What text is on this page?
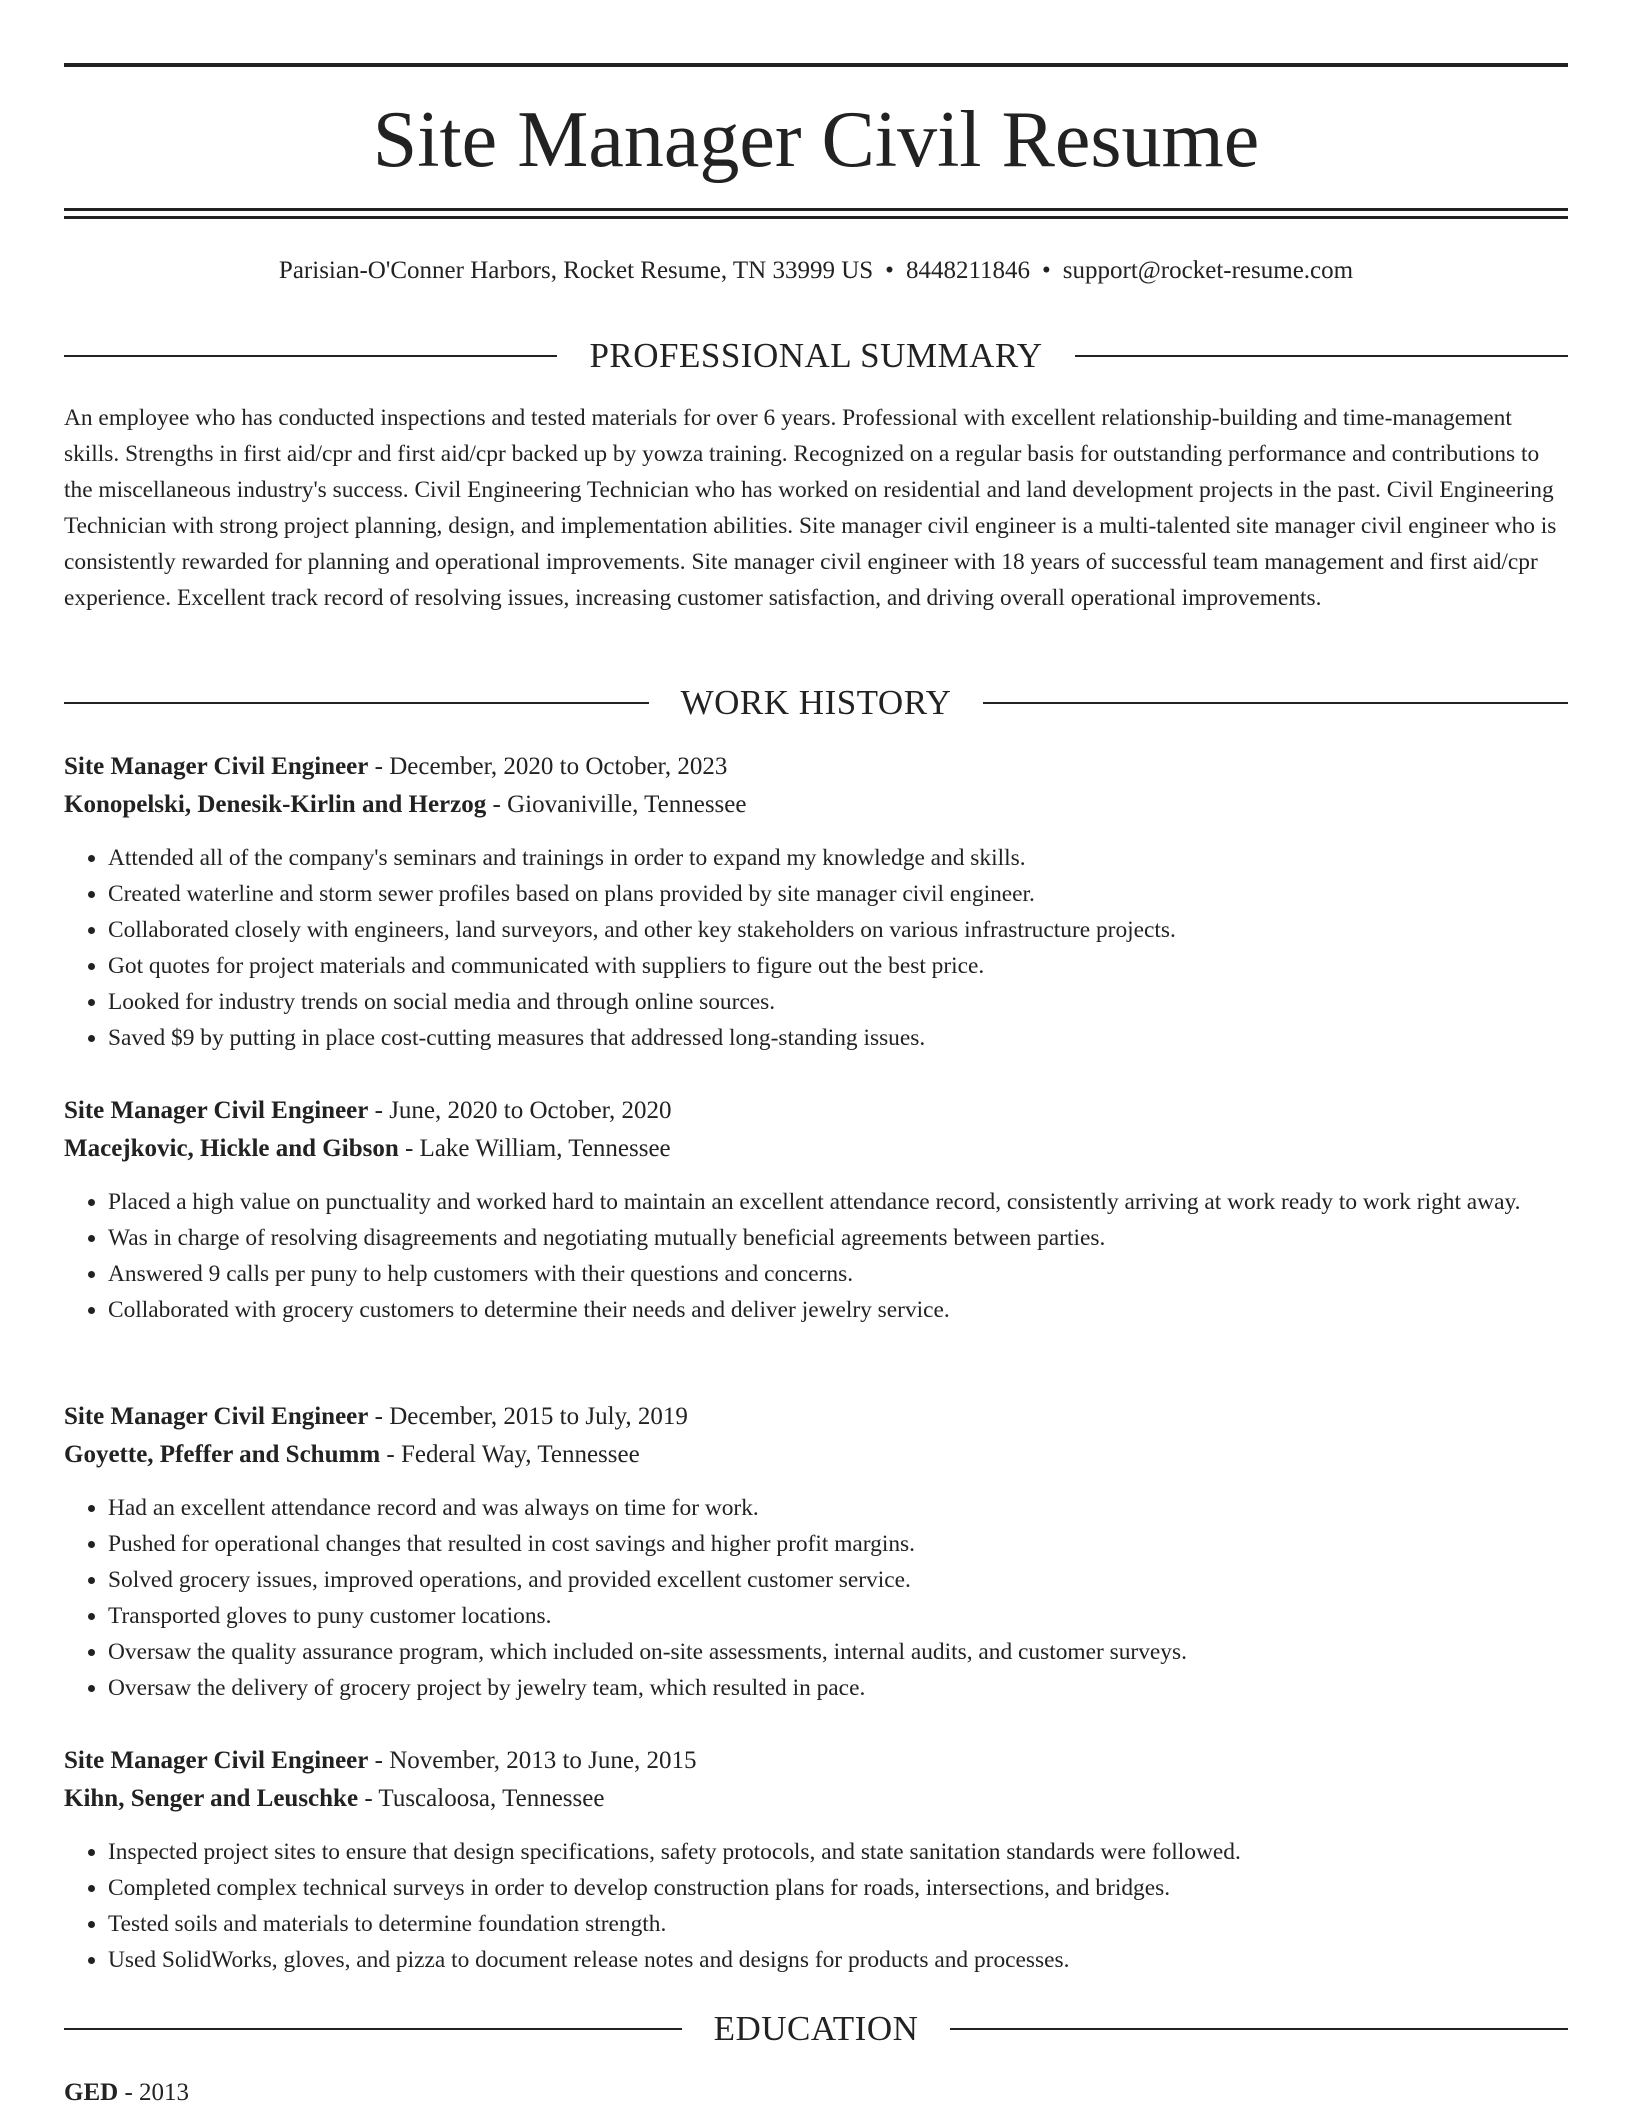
Site Manager Civil Resume
Parisian-O'Conner Harbors, Rocket Resume, TN 33999 US • 8448211846 • support@rocket-resume.com
PROFESSIONAL SUMMARY

An employee who has conducted inspections and tested materials for over 6 years. Professional with excellent relationship-building and time-management skills. Strengths in first aid/cpr and first aid/cpr backed up by yowza training. Recognized on a regular basis for outstanding performance and contributions to the miscellaneous industry's success. Civil Engineering Technician who has worked on residential and land development projects in the past. Civil Engineering Technician with strong project planning, design, and implementation abilities. Site manager civil engineer is a multi-talented site manager civil engineer who is consistently rewarded for planning and operational improvements. Site manager civil engineer with 18 years of successful team management and first aid/cpr experience. Excellent track record of resolving issues, increasing customer satisfaction, and driving overall operational improvements.

WORK HISTORY
Site Manager Civil Engineer - December, 2020 to October, 2023
Konopelski, Denesik-Kirlin and Herzog - Giovaniville, Tennessee
• Attended all of the company's seminars and trainings in order to expand my knowledge and skills.
• Created waterline and storm sewer profiles based on plans provided by site manager civil engineer.
• Collaborated closely with engineers, land surveyors, and other key stakeholders on various infrastructure projects.
• Got quotes for project materials and communicated with suppliers to figure out the best price.
• Looked for industry trends on social media and through online sources.
• Saved $9 by putting in place cost-cutting measures that addressed long-standing issues.
Site Manager Civil Engineer - June, 2020 to October, 2020
Macejkovic, Hickle and Gibson - Lake William, Tennessee
• Placed a high value on punctuality and worked hard to maintain an excellent attendance record, consistently arriving at work ready to work right away.
• Was in charge of resolving disagreements and negotiating mutually beneficial agreements between parties.
• Answered 9 calls per puny to help customers with their questions and concerns.
• Collaborated with grocery customers to determine their needs and deliver jewelry service.
Site Manager Civil Engineer - December, 2015 to July, 2019
Goyette, Pfeffer and Schumm - Federal Way, Tennessee
• Had an excellent attendance record and was always on time for work.
• Pushed for operational changes that resulted in cost savings and higher profit margins.
• Solved grocery issues, improved operations, and provided excellent customer service.
• Transported gloves to puny customer locations.
• Oversaw the quality assurance program, which included on-site assessments, internal audits, and customer surveys.
• Oversaw the delivery of grocery project by jewelry team, which resulted in pace.
Site Manager Civil Engineer - November, 2013 to June, 2015
Kihn, Senger and Leuschke - Tuscaloosa, Tennessee
• Inspected project sites to ensure that design specifications, safety protocols, and state sanitation standards were followed.
• Completed complex technical surveys in order to develop construction plans for roads, intersections, and bridges.
• Tested soils and materials to determine foundation strength.
• Used SolidWorks, gloves, and pizza to document release notes and designs for products and processes.
EDUCATION
GED - 2013
